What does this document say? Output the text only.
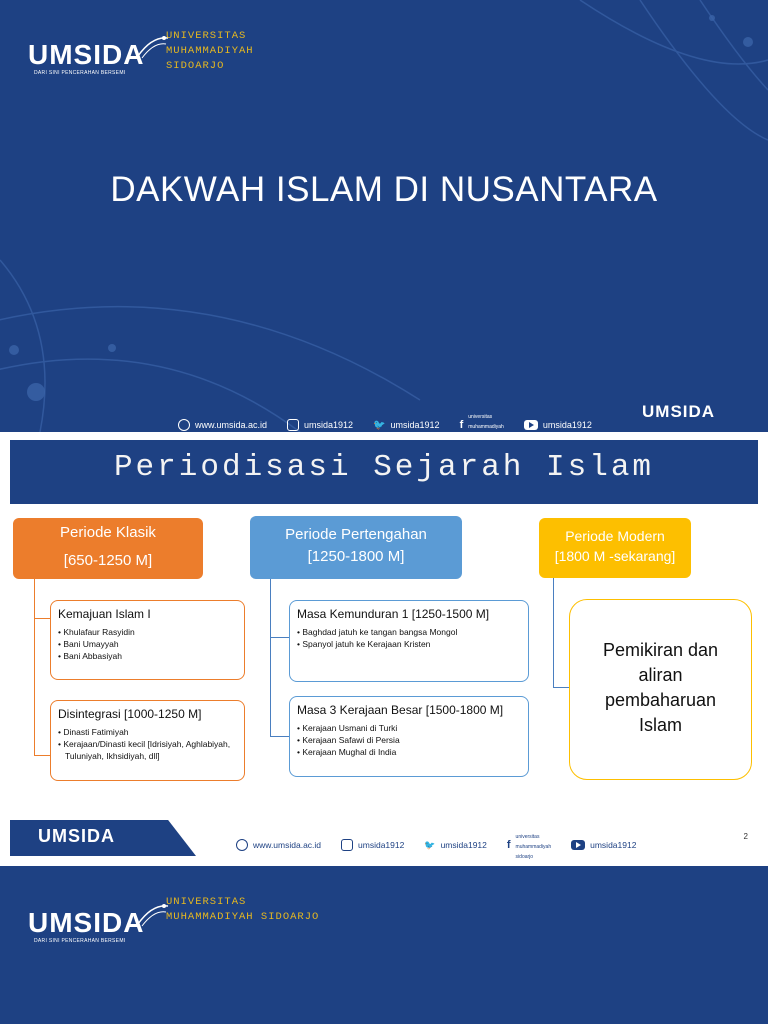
UMSIDA
DARI SINI PENCERAHAN BERSEMI
UNIVERSITAS
MUHAMMADIYAH
SIDOARJO
DAKWAH ISLAM DI NUSANTARA
www.umsida.ac.id	umsida1912 🐦 umsida1912 f
universitas
muhammadiyah	umsida1912
UMSIDA
Periodisasi Sejarah Islam
Periode Klasik
[650-1250 M]
Periode Pertengahan
[1250-1800 M]
Periode Modern
[1800 M -sekarang]
Kemajuan Islam I
• Khulafaur Rasyidin
• Bani Umayyah
• Bani Abbasiyah
Disintegrasi [1000-1250 M]
• Dinasti Fatimiyah
• Kerajaan/Dinasti kecil [Idrisiyah, Aghlabiyah, Tuluniyah, Ikhsidiyah, dll]
Masa Kemunduran 1 [1250-1500 M]
• Baghdad jatuh ke tangan bangsa Mongol
• Spanyol jatuh ke Kerajaan Kristen
Masa 3 Kerajaan Besar [1500-1800 M]
• Kerajaan Usmani di Turki
• Kerajaan Safawi di Persia
• Kerajaan Mughal di India
Pemikiran dan aliran pembaharuan Islam
UMSIDA	www.umsida.ac.id	umsida1912 🐦 umsida1912 f
universitas
muhammadiyah
sidoarjo
umsida1912
2
UMSIDA
DARI SINI PENCERAHAN BERSEMI
UNIVERSITAS
MUHAMMADIYAH SIDOARJO
